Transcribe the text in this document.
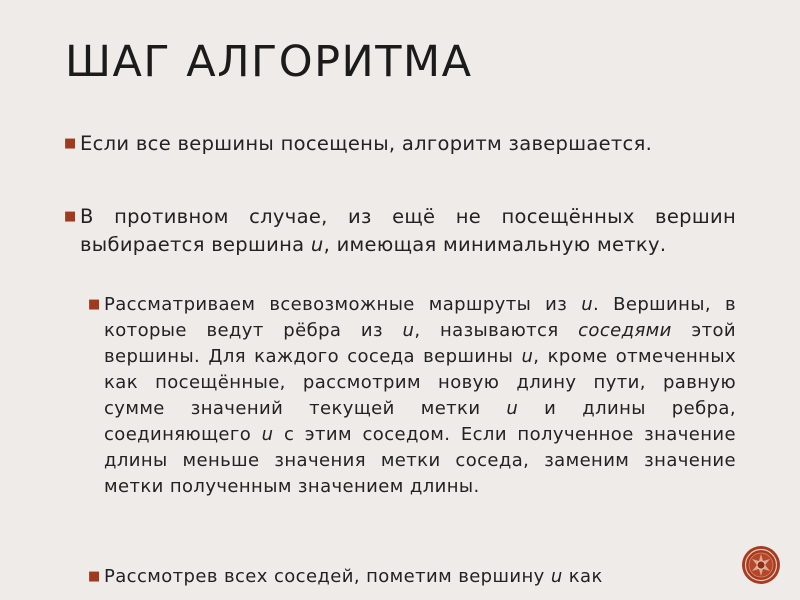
ШАГ АЛГОРИТМА

■ Если все вершины посещены, алгоритм завершается.

■ В противном случае, из ещё не посещённых вершин выбирается вершина u, имеющая минимальную метку.

■ Рассматриваем всевозможные маршруты из u. Вершины, в которые ведут рёбра из u, называются соседями этой вершины. Для каждого соседа вершины u, кроме отмеченных как посещённые, рассмотрим новую длину пути, равную сумме значений текущей метки u и длины ребра, соединяющего u с этим соседом. Если полученное значение длины меньше значения метки соседа, заменим значение метки полученным значением длины.

■ Рассмотрев всех соседей, пометим вершину u как
